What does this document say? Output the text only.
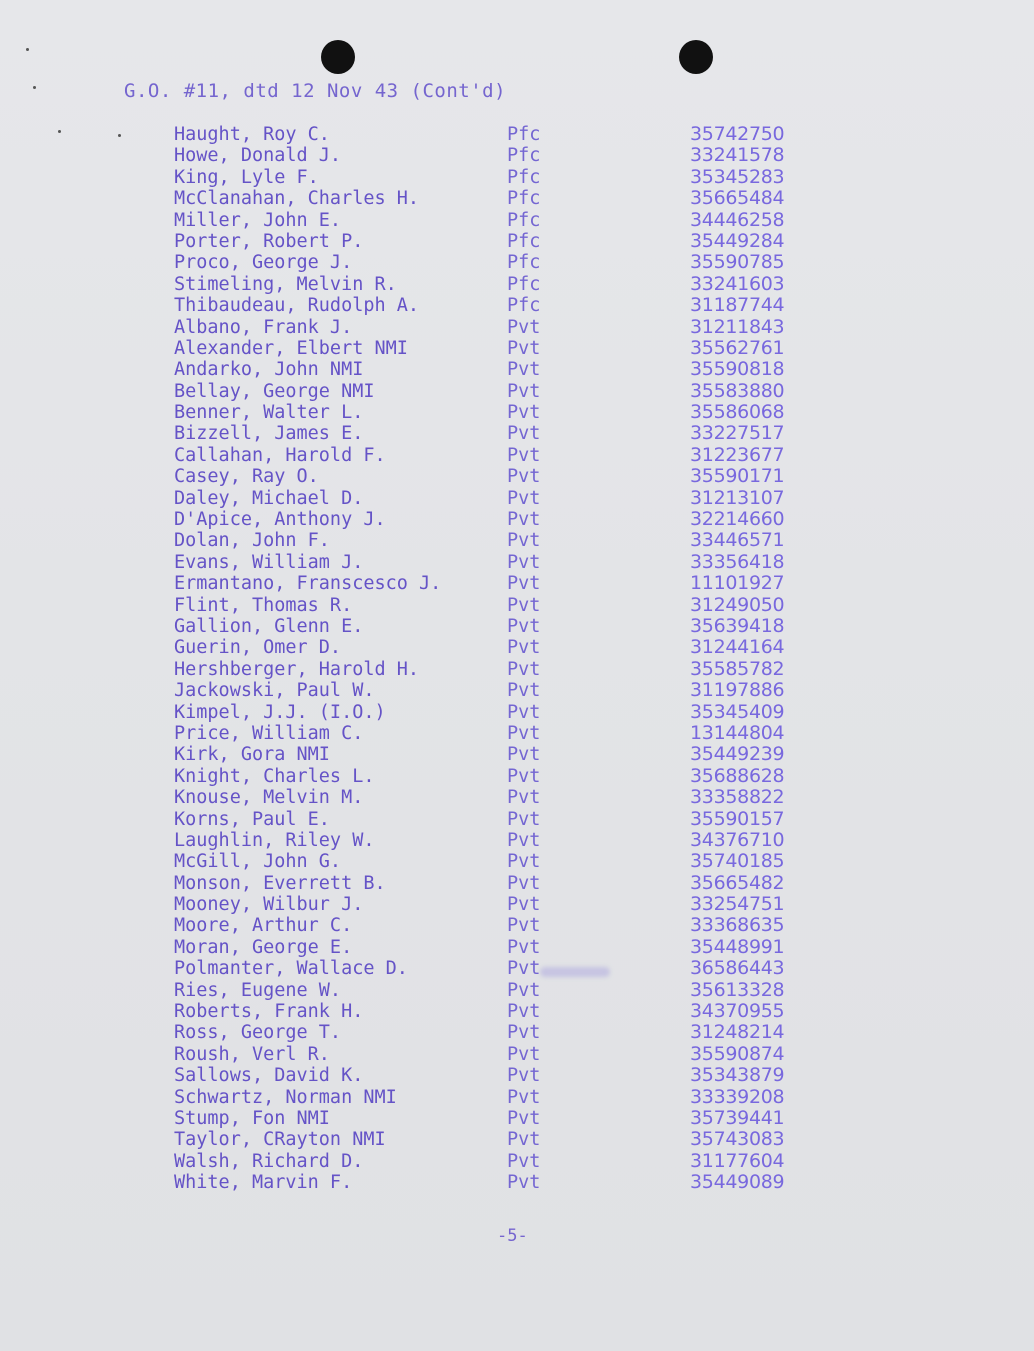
G.O. #11, dtd 12 Nov 43 (Cont'd)
Haught, Roy C.	Pfc	35742750
Howe, Donald J.	Pfc	33241578
King, Lyle F.	Pfc	35345283
McClanahan, Charles H.	Pfc	35665484
Miller, John E.	Pfc	34446258
Porter, Robert P.	Pfc	35449284
Proco, George J.	Pfc	35590785
Stimeling, Melvin R.	Pfc	33241603
Thibaudeau, Rudolph A.	Pfc	31187744
Albano, Frank J.	Pvt	31211843
Alexander, Elbert NMI	Pvt	35562761
Andarko, John NMI	Pvt	35590818
Bellay, George NMI	Pvt	35583880
Benner, Walter L.	Pvt	35586068
Bizzell, James E.	Pvt	33227517
Callahan, Harold F.	Pvt	31223677
Casey, Ray O.	Pvt	35590171
Daley, Michael D.	Pvt	31213107
D'Apice, Anthony J.	Pvt	32214660
Dolan, John F.	Pvt	33446571
Evans, William J.	Pvt	33356418
Ermantano, Franscesco J.	Pvt	11101927
Flint, Thomas R.	Pvt	31249050
Gallion, Glenn E.	Pvt	35639418
Guerin, Omer D.	Pvt	31244164
Hershberger, Harold H.	Pvt	35585782
Jackowski, Paul W.	Pvt	31197886
Kimpel, J.J. (I.O.)	Pvt	35345409
Price, William C.	Pvt	13144804
Kirk, Gora NMI	Pvt	35449239
Knight, Charles L.	Pvt	35688628
Knouse, Melvin M.	Pvt	33358822
Korns, Paul E.	Pvt	35590157
Laughlin, Riley W.	Pvt	34376710
McGill, John G.	Pvt	35740185
Monson, Everrett B.	Pvt	35665482
Mooney, Wilbur J.	Pvt	33254751
Moore, Arthur C.	Pvt	33368635
Moran, George E.	Pvt	35448991
Polmanter, Wallace D.	Pvt	36586443
Ries, Eugene W.	Pvt	35613328
Roberts, Frank H.	Pvt	34370955
Ross, George T.	Pvt	31248214
Roush, Verl R.	Pvt	35590874
Sallows, David K.	Pvt	35343879
Schwartz, Norman NMI	Pvt	33339208
Stump, Fon NMI	Pvt	35739441
Taylor, CRayton NMI	Pvt	35743083
Walsh, Richard D.	Pvt	31177604
White, Marvin F.	Pvt	35449089
-5-
